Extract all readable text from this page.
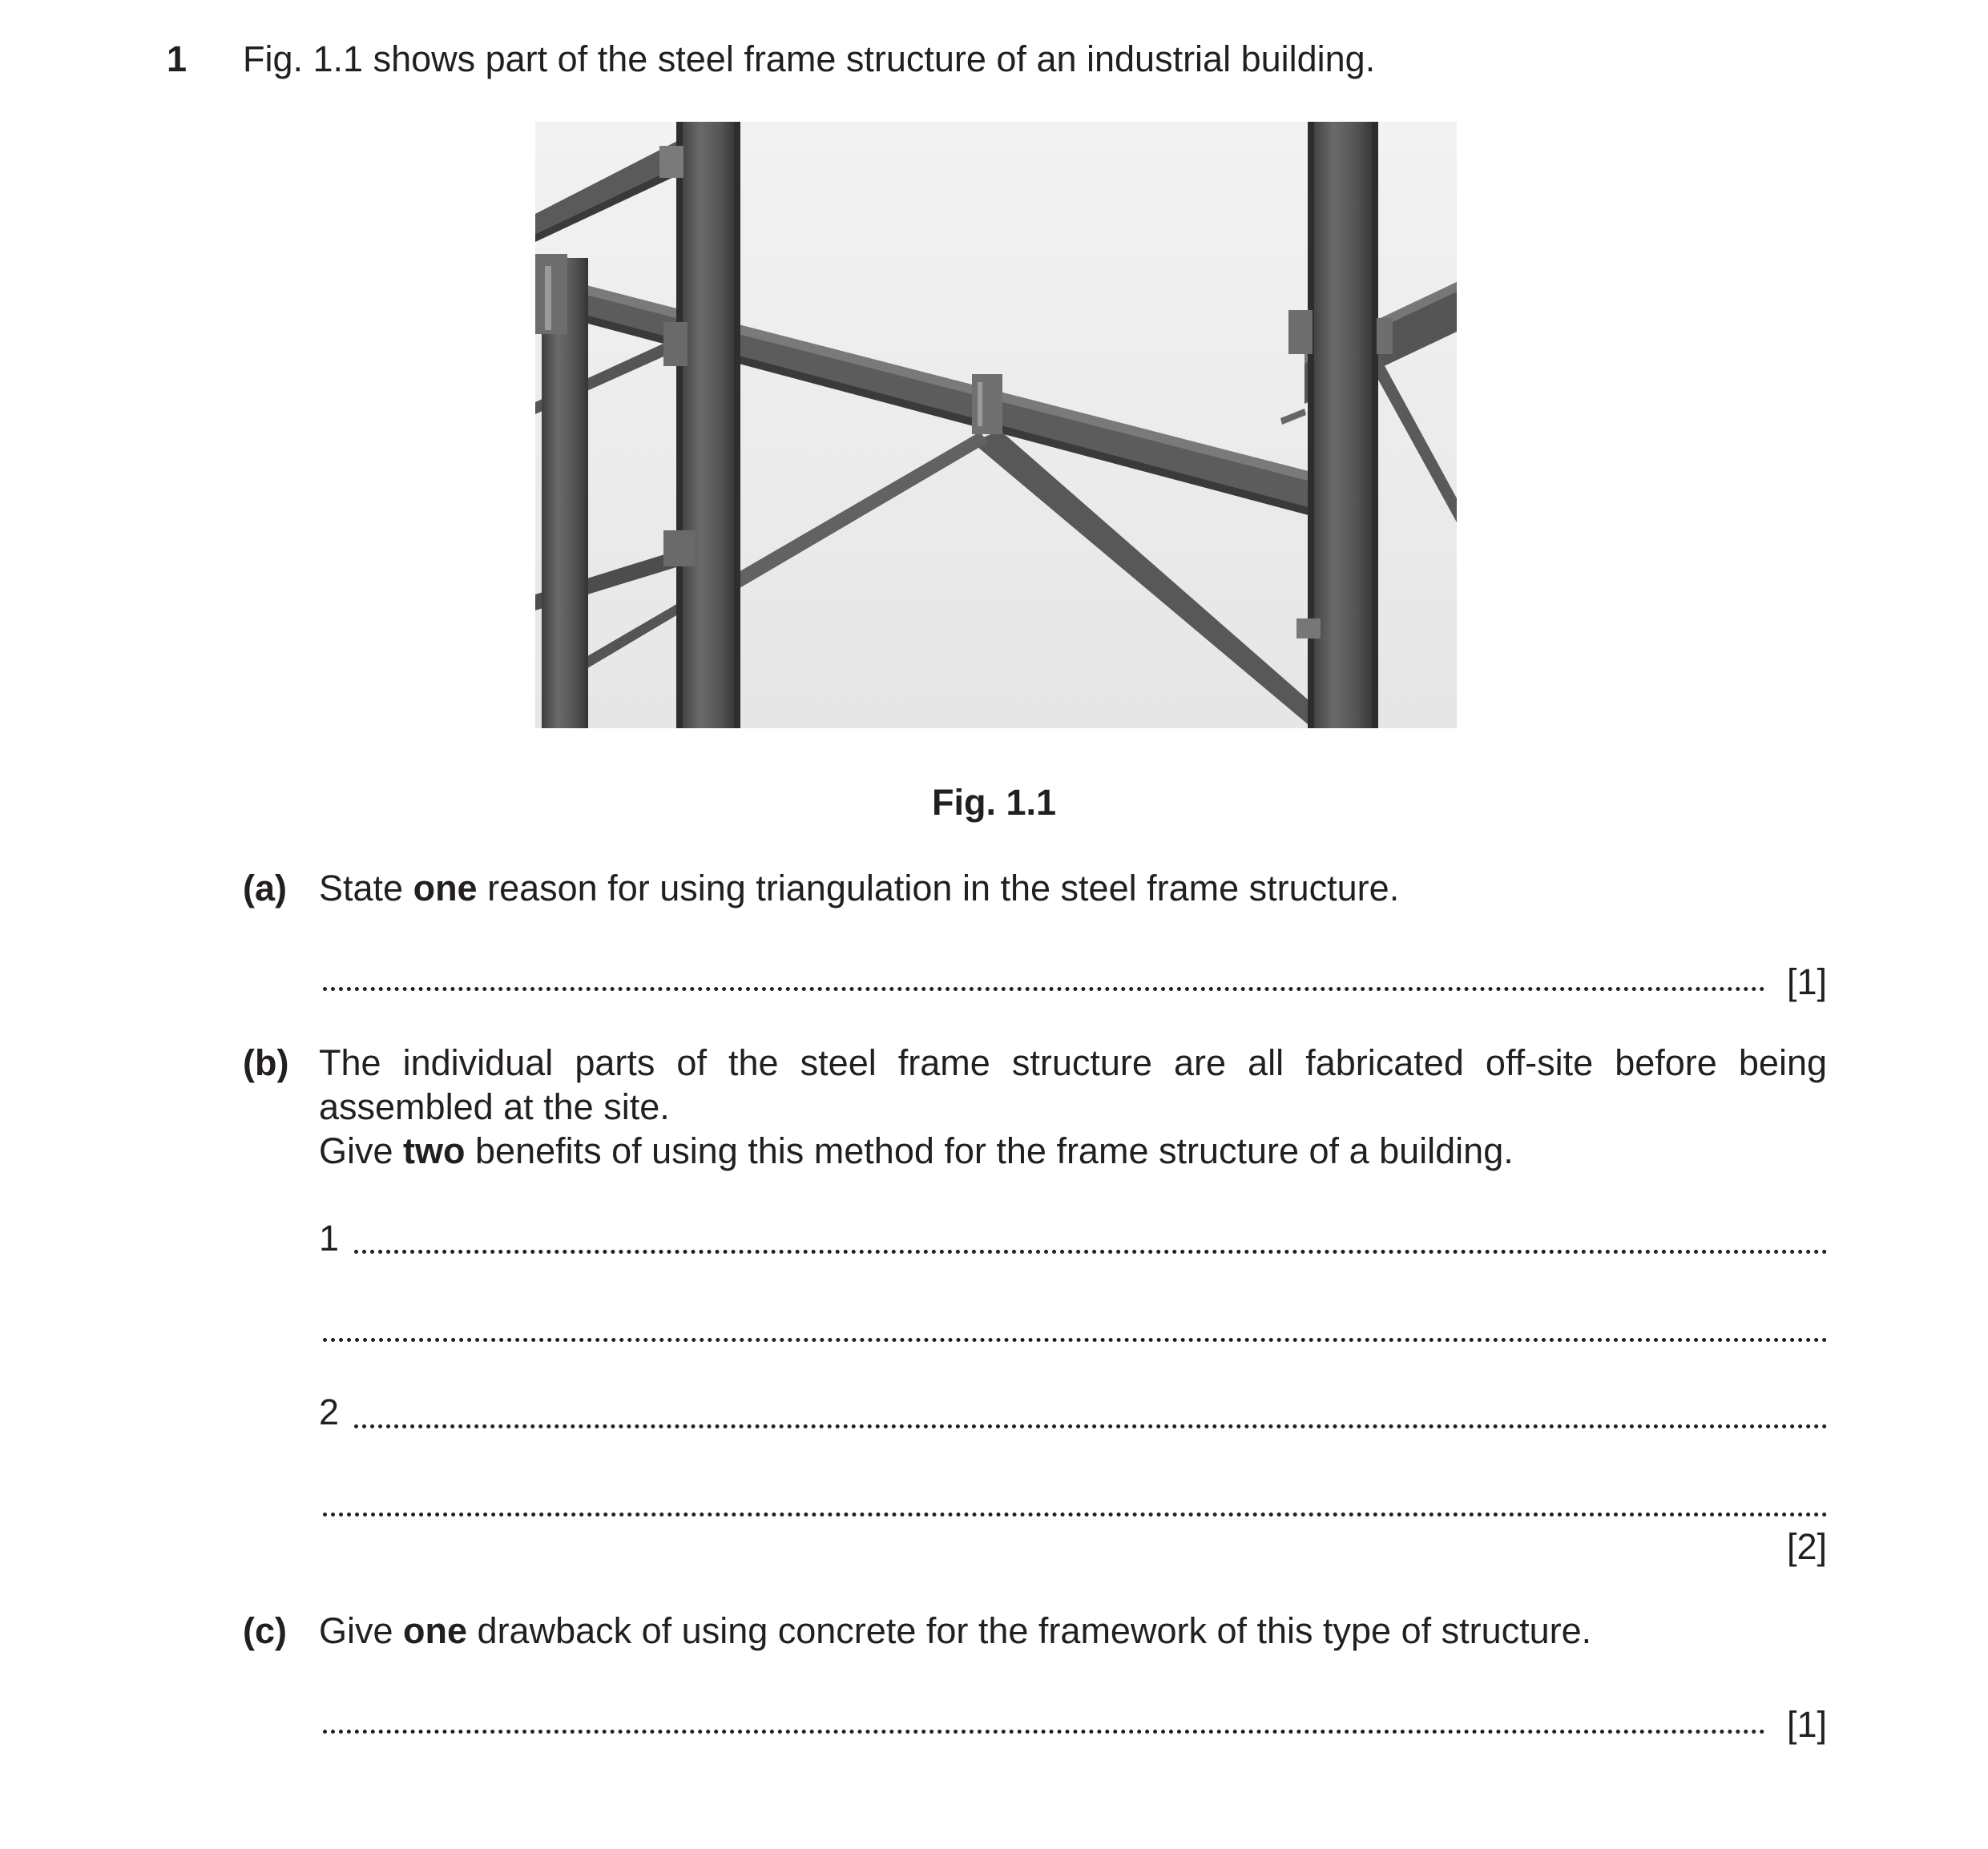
1 Fig. 1.1 shows part of the steel frame structure of an industrial building.
Fig. 1.1
(a) State one reason for using triangulation in the steel frame structure.
[1]
(b) The individual parts of the steel frame structure are all fabricated off-site before being
assembled at the site.
Give two benefits of using this method for the frame structure of a building.
1
2
[2]
(c) Give one drawback of using concrete for the framework of this type of structure.
[1]
